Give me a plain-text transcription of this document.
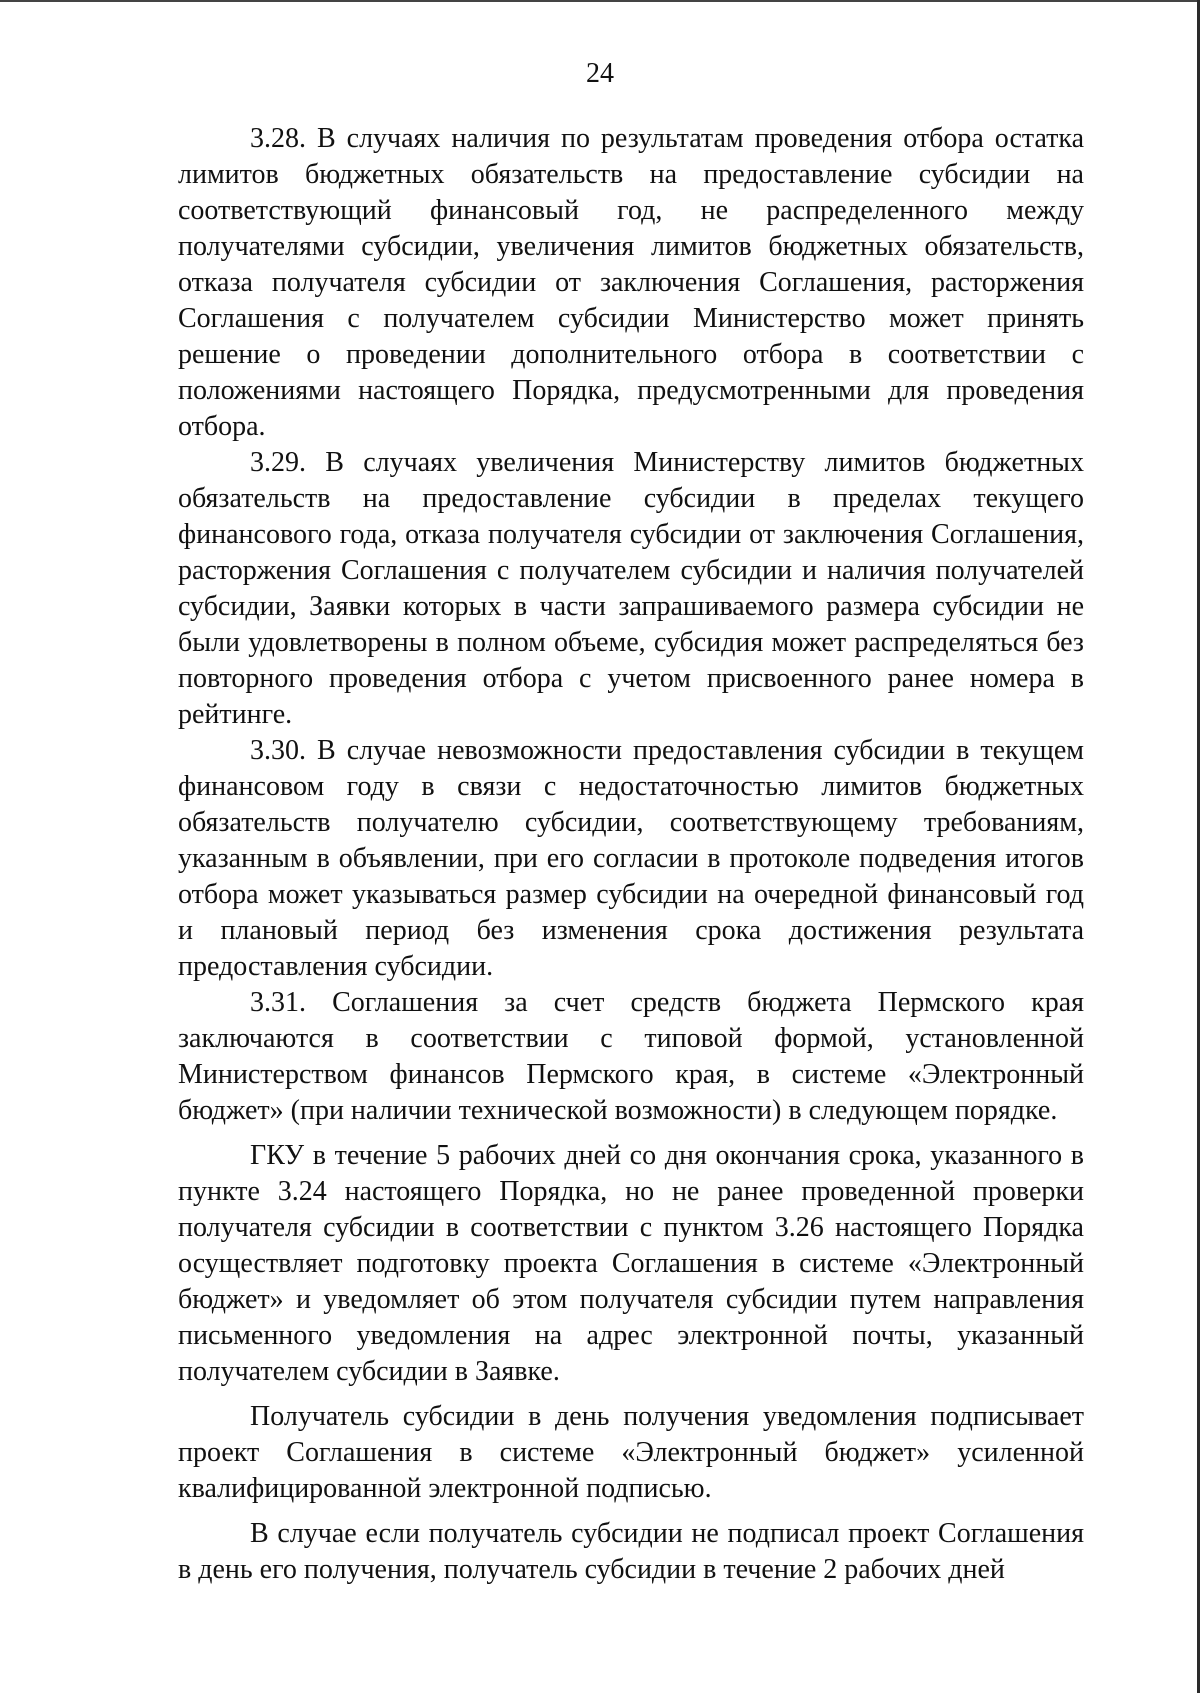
24

3.28. В случаях наличия по результатам проведения отбора остатка лимитов бюджетных обязательств на предоставление субсидии на соответствующий финансовый год, не распределенного между получателями субсидии, увеличения лимитов бюджетных обязательств, отказа получателя субсидии от заключения Соглашения, расторжения Соглашения с получателем субсидии Министерство может принять решение о проведении дополнительного отбора в соответствии с положениями настоящего Порядка, предусмотренными для проведения отбора.

3.29. В случаях увеличения Министерству лимитов бюджетных обязательств на предоставление субсидии в пределах текущего финансового года, отказа получателя субсидии от заключения Соглашения, расторжения Соглашения с получателем субсидии и наличия получателей субсидии, Заявки которых в части запрашиваемого размера субсидии не были удовлетворены в полном объеме, субсидия может распределяться без повторного проведения отбора с учетом присвоенного ранее номера в рейтинге.

3.30. В случае невозможности предоставления субсидии в текущем финансовом году в связи с недостаточностью лимитов бюджетных обязательств получателю субсидии, соответствующему требованиям, указанным в объявлении, при его согласии в протоколе подведения итогов отбора может указываться размер субсидии на очередной финансовый год и плановый период без изменения срока достижения результата предоставления субсидии.

3.31. Соглашения за счет средств бюджета Пермского края заключаются в соответствии с типовой формой, установленной Министерством финансов Пермского края, в системе «Электронный бюджет» (при наличии технической возможности) в следующем порядке.

ГКУ в течение 5 рабочих дней со дня окончания срока, указанного в пункте 3.24 настоящего Порядка, но не ранее проведенной проверки получателя субсидии в соответствии с пунктом 3.26 настоящего Порядка осуществляет подготовку проекта Соглашения в системе «Электронный бюджет» и уведомляет об этом получателя субсидии путем направления письменного уведомления на адрес электронной почты, указанный получателем субсидии в Заявке.

Получатель субсидии в день получения уведомления подписывает проект Соглашения в системе «Электронный бюджет» усиленной квалифицированной электронной подписью.

В случае если получатель субсидии не подписал проект Соглашения в день его получения, получатель субсидии в течение 2 рабочих дней
